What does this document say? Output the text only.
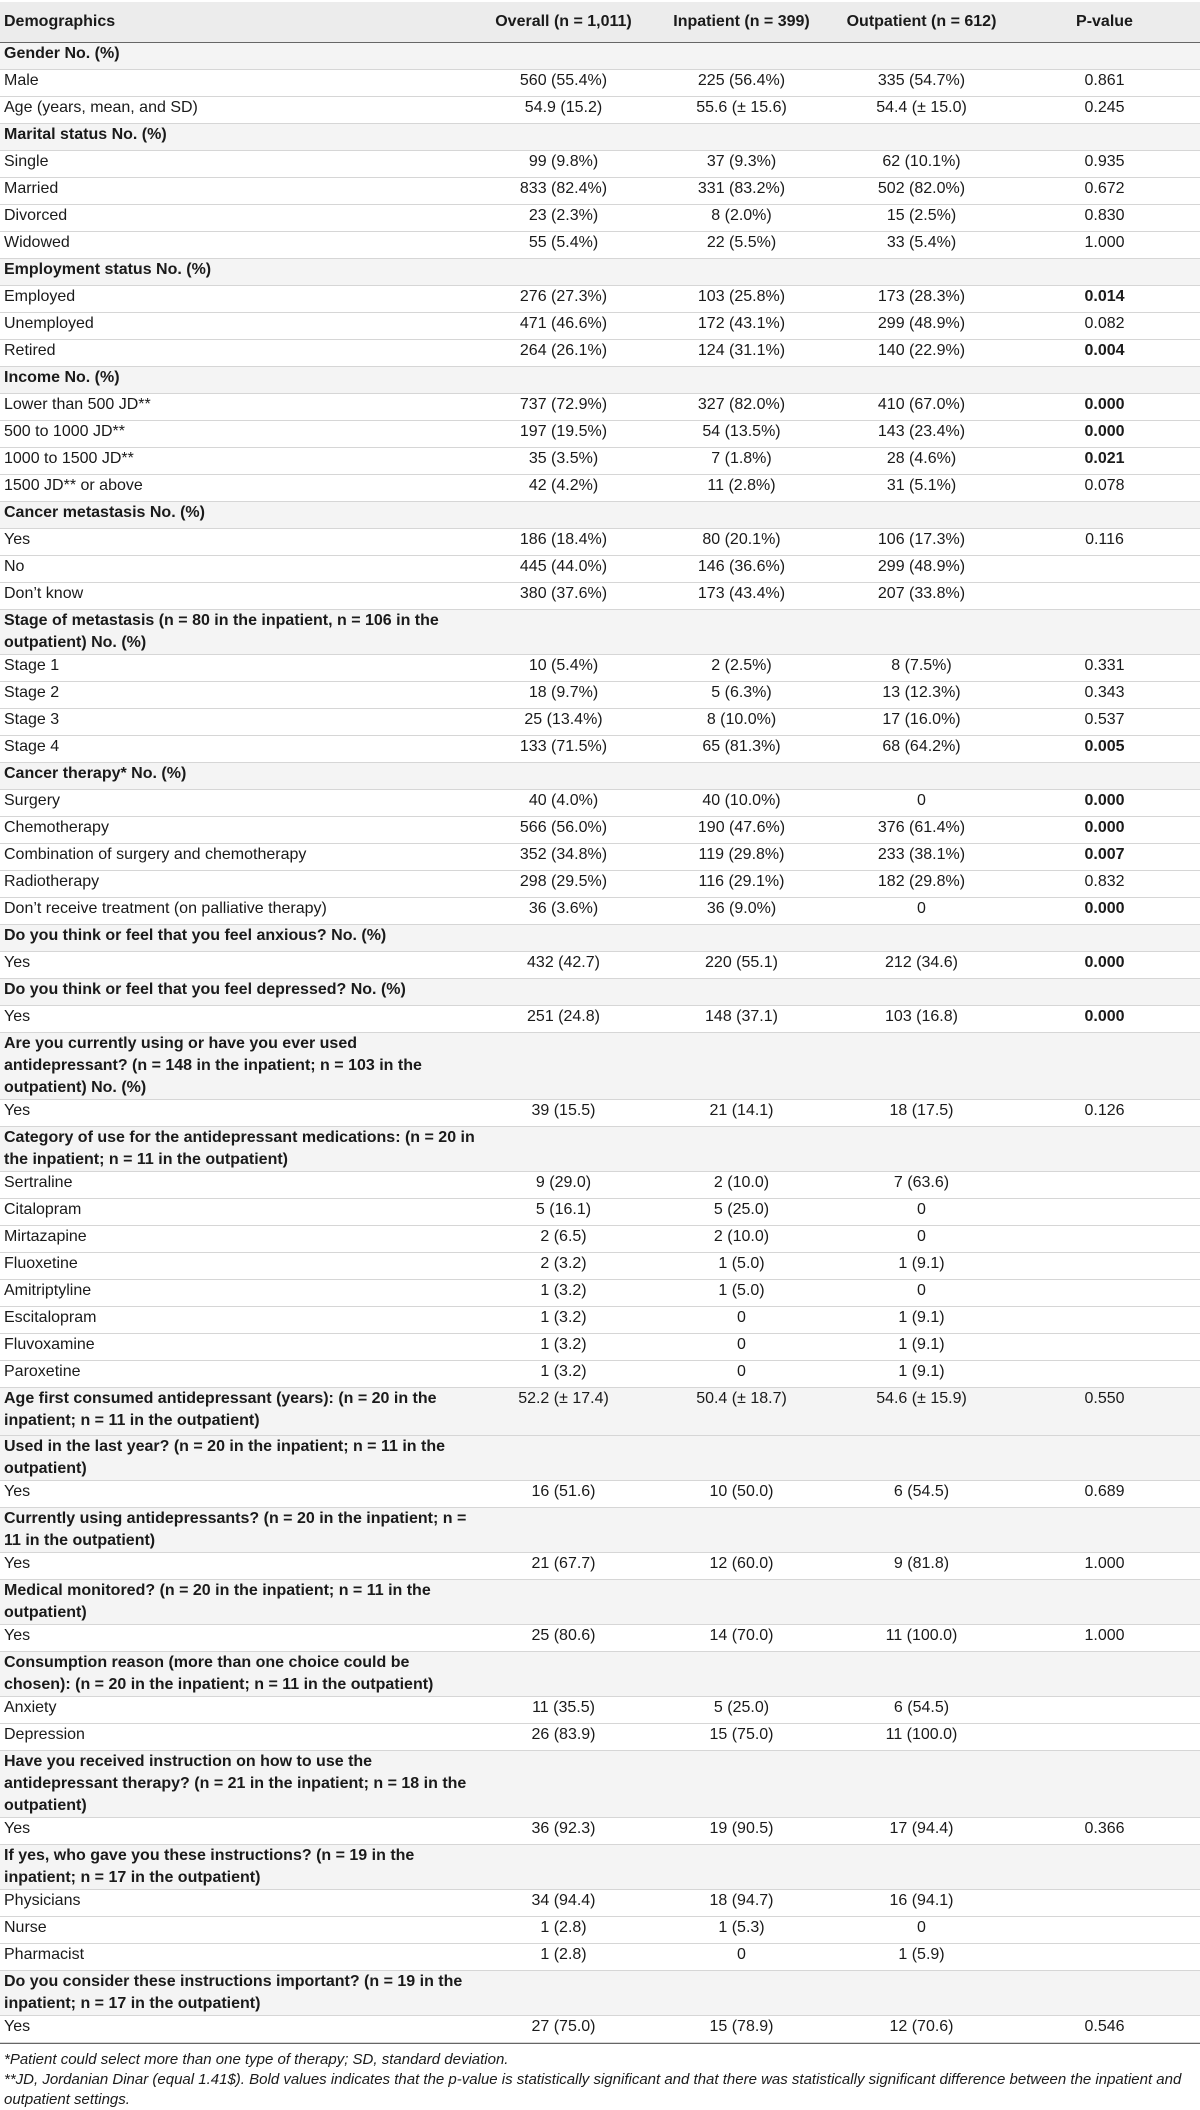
Demographics	Overall (n = 1,011)	Inpatient (n = 399)	Outpatient (n = 612)	P-value
Gender No. (%)				
Male	560 (55.4%)	225 (56.4%)	335 (54.7%)	0.861
Age (years, mean, and SD)	54.9 (15.2)	55.6 (± 15.6)	54.4 (± 15.0)	0.245
Marital status No. (%)				
Single	99 (9.8%)	37 (9.3%)	62 (10.1%)	0.935
Married	833 (82.4%)	331 (83.2%)	502 (82.0%)	0.672
Divorced	23 (2.3%)	8 (2.0%)	15 (2.5%)	0.830
Widowed	55 (5.4%)	22 (5.5%)	33 (5.4%)	1.000
Employment status No. (%)				
Employed	276 (27.3%)	103 (25.8%)	173 (28.3%)	0.014
Unemployed	471 (46.6%)	172 (43.1%)	299 (48.9%)	0.082
Retired	264 (26.1%)	124 (31.1%)	140 (22.9%)	0.004
Income No. (%)				
Lower than 500 JD**	737 (72.9%)	327 (82.0%)	410 (67.0%)	0.000
500 to 1000 JD**	197 (19.5%)	54 (13.5%)	143 (23.4%)	0.000
1000 to 1500 JD**	35 (3.5%)	7 (1.8%)	28 (4.6%)	0.021
1500 JD** or above	42 (4.2%)	11 (2.8%)	31 (5.1%)	0.078
Cancer metastasis No. (%)				
Yes	186 (18.4%)	80 (20.1%)	106 (17.3%)	0.116
No	445 (44.0%)	146 (36.6%)	299 (48.9%)	
Don’t know	380 (37.6%)	173 (43.4%)	207 (33.8%)	
Stage of metastasis (n = 80 in the inpatient, n = 106 in the outpatient) No. (%)				
Stage 1	10 (5.4%)	2 (2.5%)	8 (7.5%)	0.331
Stage 2	18 (9.7%)	5 (6.3%)	13 (12.3%)	0.343
Stage 3	25 (13.4%)	8 (10.0%)	17 (16.0%)	0.537
Stage 4	133 (71.5%)	65 (81.3%)	68 (64.2%)	0.005
Cancer therapy* No. (%)				
Surgery	40 (4.0%)	40 (10.0%)	0	0.000
Chemotherapy	566 (56.0%)	190 (47.6%)	376 (61.4%)	0.000
Combination of surgery and chemotherapy	352 (34.8%)	119 (29.8%)	233 (38.1%)	0.007
Radiotherapy	298 (29.5%)	116 (29.1%)	182 (29.8%)	0.832
Don’t receive treatment (on palliative therapy)	36 (3.6%)	36 (9.0%)	0	0.000
Do you think or feel that you feel anxious? No. (%)				
Yes	432 (42.7)	220 (55.1)	212 (34.6)	0.000
Do you think or feel that you feel depressed? No. (%)				
Yes	251 (24.8)	148 (37.1)	103 (16.8)	0.000
Are you currently using or have you ever used antidepressant? (n = 148 in the inpatient; n = 103 in the outpatient) No. (%)				
Yes	39 (15.5)	21 (14.1)	18 (17.5)	0.126
Category of use for the antidepressant medications: (n = 20 in the inpatient; n = 11 in the outpatient)				
Sertraline	9 (29.0)	2 (10.0)	7 (63.6)	
Citalopram	5 (16.1)	5 (25.0)	0	
Mirtazapine	2 (6.5)	2 (10.0)	0	
Fluoxetine	2 (3.2)	1 (5.0)	1 (9.1)	
Amitriptyline	1 (3.2)	1 (5.0)	0	
Escitalopram	1 (3.2)	0	1 (9.1)	
Fluvoxamine	1 (3.2)	0	1 (9.1)	
Paroxetine	1 (3.2)	0	1 (9.1)	
Age first consumed antidepressant (years): (n = 20 in the inpatient; n = 11 in the outpatient)	52.2 (± 17.4)	50.4 (± 18.7)	54.6 (± 15.9)	0.550
Used in the last year? (n = 20 in the inpatient; n = 11 in the outpatient)				
Yes	16 (51.6)	10 (50.0)	6 (54.5)	0.689
Currently using antidepressants? (n = 20 in the inpatient; n = 11 in the outpatient)				
Yes	21 (67.7)	12 (60.0)	9 (81.8)	1.000
Medical monitored? (n = 20 in the inpatient; n = 11 in the outpatient)				
Yes	25 (80.6)	14 (70.0)	11 (100.0)	1.000
Consumption reason (more than one choice could be chosen): (n = 20 in the inpatient; n = 11 in the outpatient)				
Anxiety	11 (35.5)	5 (25.0)	6 (54.5)	
Depression	26 (83.9)	15 (75.0)	11 (100.0)	
Have you received instruction on how to use the antidepressant therapy? (n = 21 in the inpatient; n = 18 in the outpatient)				
Yes	36 (92.3)	19 (90.5)	17 (94.4)	0.366
If yes, who gave you these instructions? (n = 19 in the inpatient; n = 17 in the outpatient)				
Physicians	34 (94.4)	18 (94.7)	16 (94.1)	
Nurse	1 (2.8)	1 (5.3)	0	
Pharmacist	1 (2.8)	0	1 (5.9)	
Do you consider these instructions important? (n = 19 in the inpatient; n = 17 in the outpatient)				
Yes	27 (75.0)	15 (78.9)	12 (70.6)	0.546
*Patient could select more than one type of therapy; SD, standard deviation.
**JD, Jordanian Dinar (equal 1.41$). Bold values indicates that the p-value is statistically significant and that there was statistically significant difference between the inpatient and outpatient settings.
